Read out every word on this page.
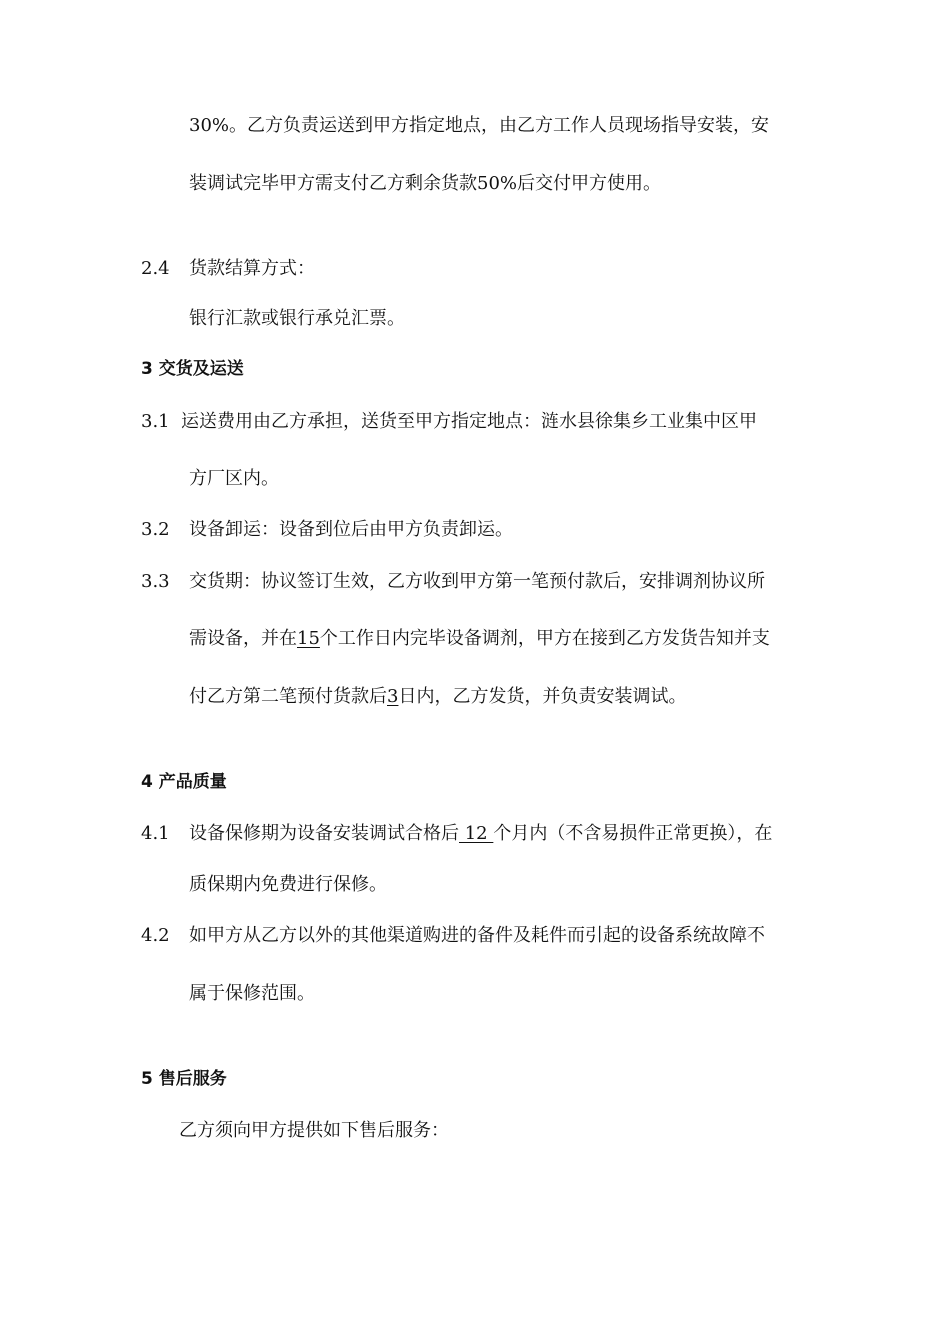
30%。乙方负责运送到甲方指定地点，由乙方工作人员现场指导安装，安
装调试完毕甲方需支付乙方剩余货款50%后交付甲方使用。
2.4 货款结算方式：
银行汇款或银行承兑汇票。
3 交货及运送
3.1 运送费用由乙方承担，送货至甲方指定地点：涟水县徐集乡工业集中区甲
方厂区内。
3.2 设备卸运：设备到位后由甲方负责卸运。
3.3 交货期：协议签订生效，乙方收到甲方第一笔预付款后，安排调剂协议所
需设备，并在15个工作日内完毕设备调剂，甲方在接到乙方发货告知并支
付乙方第二笔预付货款后3日内，乙方发货，并负责安装调试。
4 产品质量
4.1 设备保修期为设备安装调试合格后 12 个月内（不含易损件正常更换），在
质保期内免费进行保修。
4.2 如甲方从乙方以外的其他渠道购进的备件及耗件而引起的设备系统故障不
属于保修范围。
5 售后服务
乙方须向甲方提供如下售后服务：
